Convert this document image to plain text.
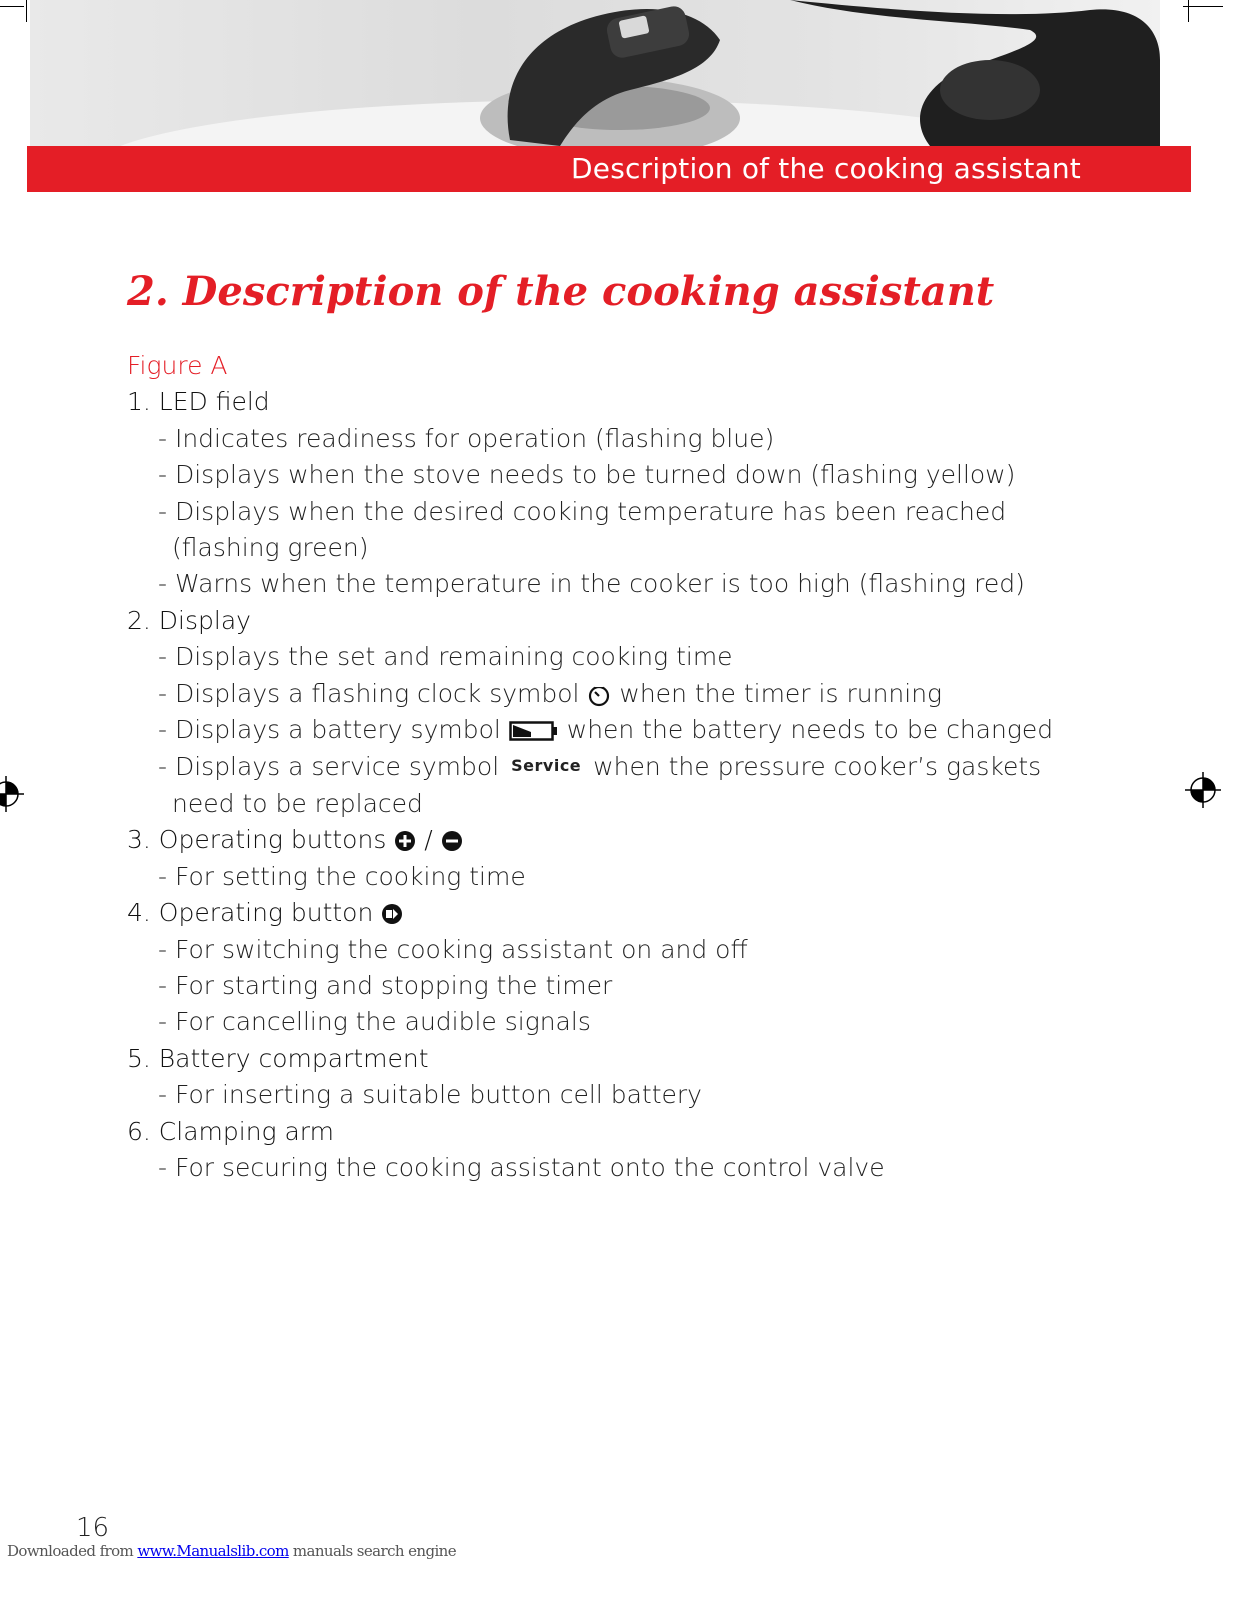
Description of the cooking assistant
2. Description of the cooking assistant
Figure A
1. LED field
- Indicates readiness for operation (flashing blue)
- Displays when the stove needs to be turned down (flashing yellow)
- Displays when the desired cooking temperature has been reached (flashing green)
- Warns when the temperature in the cooker is too high (flashing red)
2. Display
- Displays the set and remaining cooking time
- Displays a flashing clock symbol when the timer is running
- Displays a battery symbol	when the battery needs to be changed
- Displays a service symbol Service when the pressure cooker’s gaskets need to be replaced
3. Operating buttons /
- For setting the cooking time
4. Operating button
- For switching the cooking assistant on and off
- For starting and stopping the timer
- For cancelling the audible signals
5. Battery compartment
- For inserting a suitable button cell battery
6. Clamping arm
- For securing the cooking assistant onto the control valve
16
Downloaded from www.Manualslib.com manuals search engine
